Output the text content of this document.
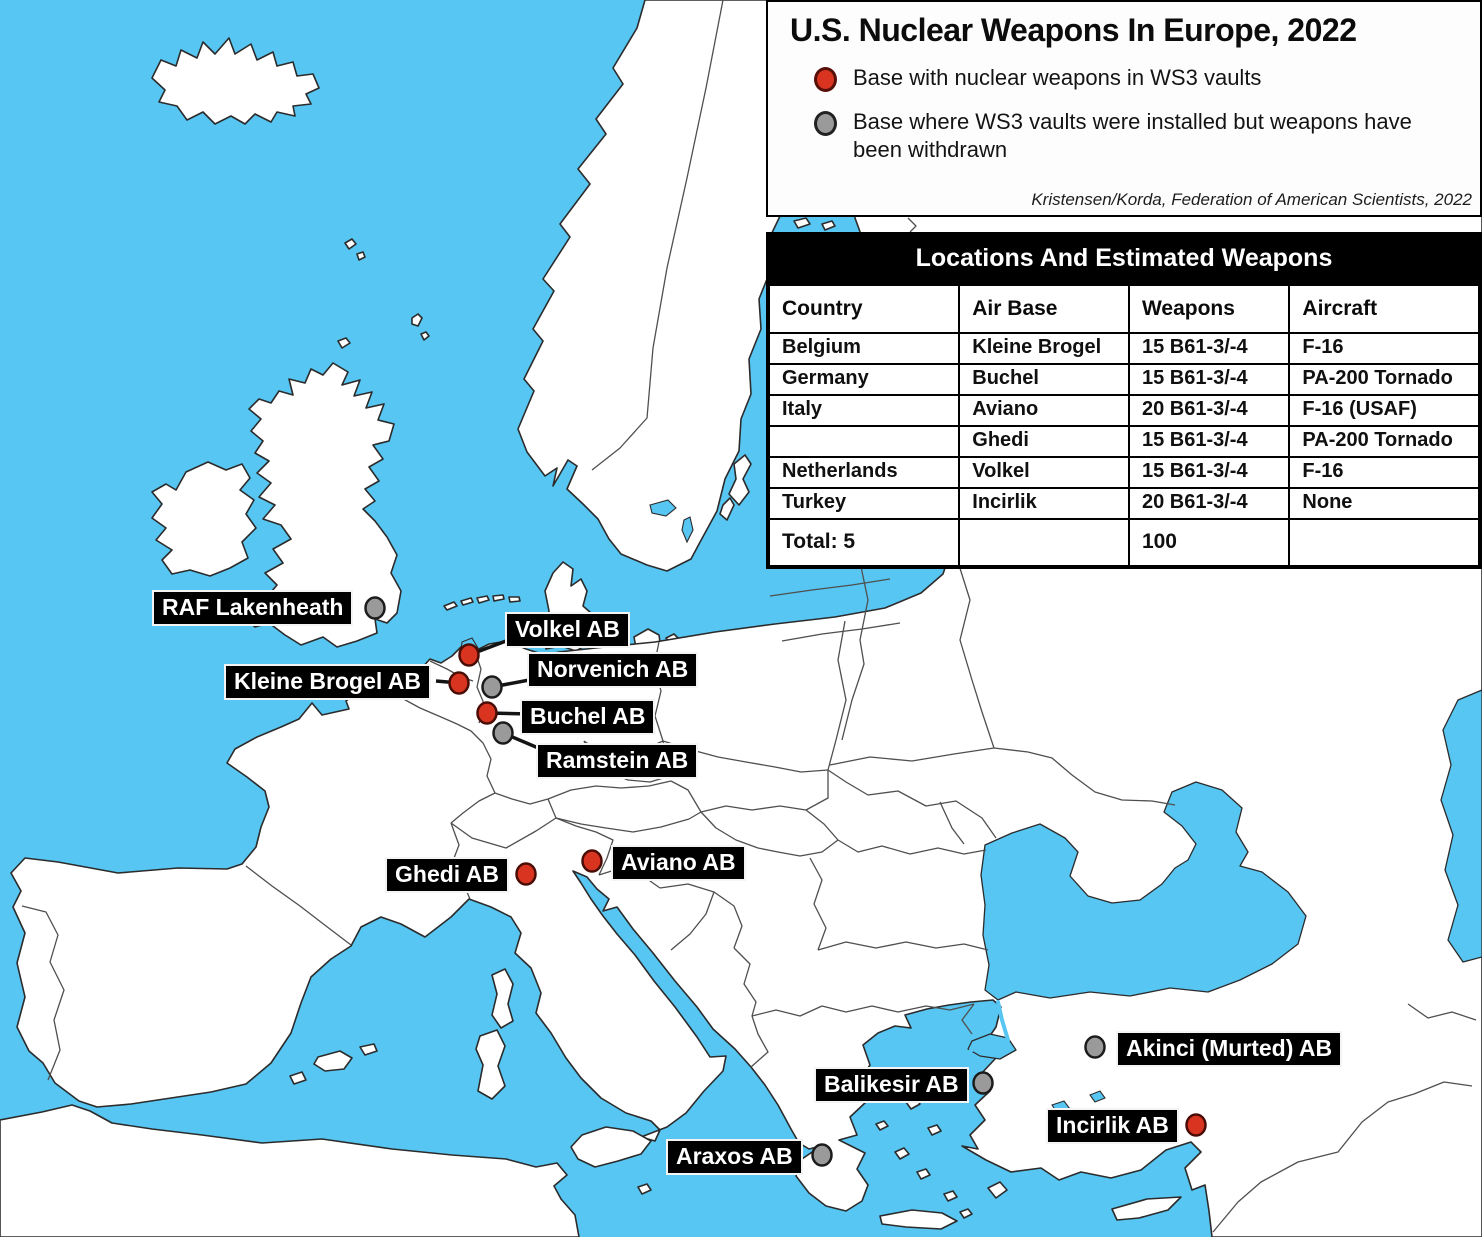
U.S. Nuclear Weapons In Europe, 2022
Base with nuclear weapons in WS3 vaults
Base where WS3 vaults were installed but weapons have been withdrawn
Kristensen/Korda, Federation of American Scientists, 2022
Locations And Estimated Weapons
Country	Air Base	Weapons	Aircraft
Belgium	Kleine Brogel	15 B61-3/-4	F-16
Germany	Buchel	15 B61-3/-4	PA-200 Tornado
Italy	Aviano	20 B61-3/-4	F-16 (USAF)
	Ghedi	15 B61-3/-4	PA-200 Tornado
Netherlands	Volkel	15 B61-3/-4	F-16
Turkey	Incirlik	20 B61-3/-4	None
Total: 5		100	
RAF Lakenheath
Volkel AB
Kleine Brogel AB	Norvenich AB
Buchel AB
Ramstein AB
Ghedi AB	Aviano AB
Akinci (Murted) AB
Balikesir AB
Incirlik AB
Araxos AB
